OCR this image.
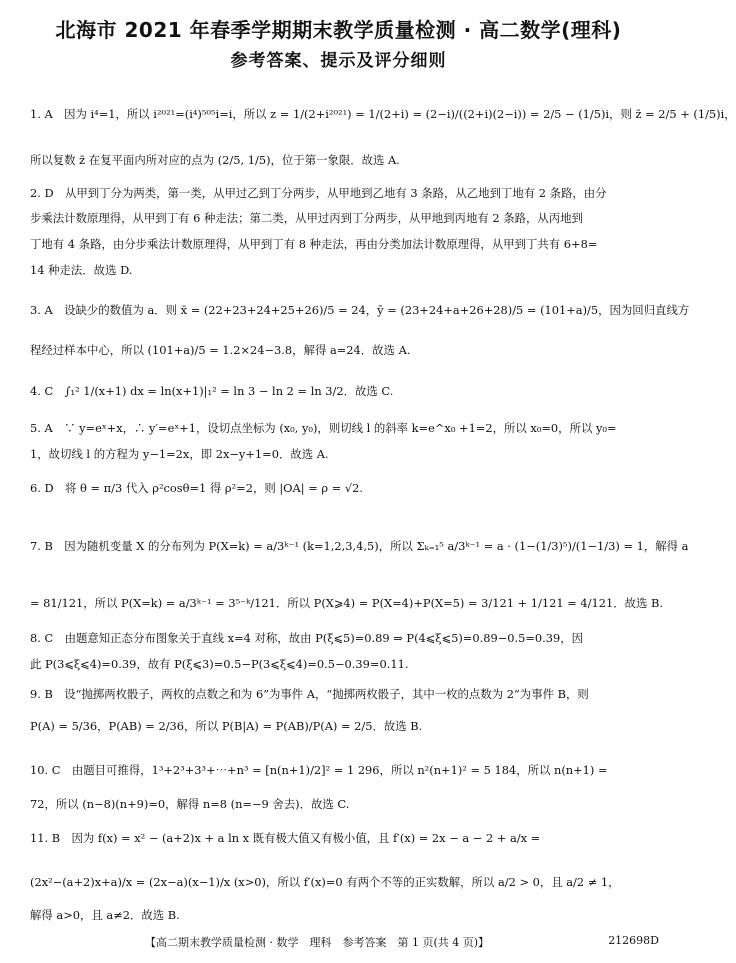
北海市 2021 年春季学期期末教学质量检测 · 高二数学(理科)
参考答案、提示及评分细则
1. A　因为 i⁴=1，所以 i²⁰²¹=(i⁴)⁵⁰⁵i=i，所以 z = 1/(2+i²⁰²¹) = 1/(2+i) = (2−i)/((2+i)(2−i)) = 2/5 − (1/5)i，则 z̄ = 2/5 + (1/5)i，
所以复数 z̄ 在复平面内所对应的点为 (2/5, 1/5)，位于第一象限．故选 A.
2. D　从甲到丁分为两类，第一类，从甲过乙到丁分两步，从甲地到乙地有 3 条路，从乙地到丁地有 2 条路，由分
步乘法计数原理得，从甲到丁有 6 种走法；第二类，从甲过丙到丁分两步，从甲地到丙地有 2 条路，从丙地到
丁地有 4 条路，由分步乘法计数原理得，从甲到丁有 8 种走法，再由分类加法计数原理得，从甲到丁共有 6+8=
14 种走法．故选 D.
3. A　设缺少的数值为 a．则 x̄ = (22+23+24+25+26)/5 = 24，ȳ = (23+24+a+26+28)/5 = (101+a)/5，因为回归直线方
程经过样本中心，所以 (101+a)/5 = 1.2×24−3.8，解得 a=24．故选 A.
4. C　∫₁² 1/(x+1) dx = ln(x+1)|₁² = ln 3 − ln 2 = ln 3/2．故选 C.
5. A　∵ y=eˣ+x，∴ y′=eˣ+1，设切点坐标为 (x₀, y₀)，则切线 l 的斜率 k=e^x₀ +1=2，所以 x₀=0，所以 y₀=
1，故切线 l 的方程为 y−1=2x，即 2x−y+1=0．故选 A.
6. D　将 θ = π/3 代入 ρ²cosθ=1 得 ρ²=2，则 |OA| = ρ = √2.
7. B　因为随机变量 X 的分布列为 P(X=k) = a/3ᵏ⁻¹ (k=1,2,3,4,5)，所以 Σₖ₌₁⁵ a/3ᵏ⁻¹ = a · (1−(1/3)⁵)/(1−1/3) = 1，解得 a
= 81/121，所以 P(X=k) = a/3ᵏ⁻¹ = 3⁵⁻ᵏ/121．所以 P(X⩾4) = P(X=4)+P(X=5) = 3/121 + 1/121 = 4/121．故选 B.
8. C　由题意知正态分布图象关于直线 x=4 对称，故由 P(ξ⩽5)=0.89 ⇒ P(4⩽ξ⩽5)=0.89−0.5=0.39，因
此 P(3⩽ξ⩽4)=0.39，故有 P(ξ⩽3)=0.5−P(3⩽ξ⩽4)=0.5−0.39=0.11.
9. B　设“抛掷两枚骰子，两枚的点数之和为 6”为事件 A，“抛掷两枚骰子，其中一枚的点数为 2”为事件 B，则
P(A) = 5/36，P(AB) = 2/36，所以 P(B|A) = P(AB)/P(A) = 2/5．故选 B.
10. C　由题目可推得，1³+2³+3³+⋯+n³ = [n(n+1)/2]² = 1 296，所以 n²(n+1)² = 5 184，所以 n(n+1) =
72，所以 (n−8)(n+9)=0，解得 n=8 (n=−9 舍去)．故选 C.
11. B　因为 f(x) = x² − (a+2)x + a ln x 既有极大值又有极小值，且 f′(x) = 2x − a − 2 + a/x =
(2x²−(a+2)x+a)/x = (2x−a)(x−1)/x (x>0)，所以 f′(x)=0 有两个不等的正实数解，所以 a/2 > 0，且 a/2 ≠ 1，
解得 a>0，且 a≠2．故选 B.
【高二期末教学质量检测 · 数学　理科　参考答案　第 1 页(共 4 页)】	212698D
